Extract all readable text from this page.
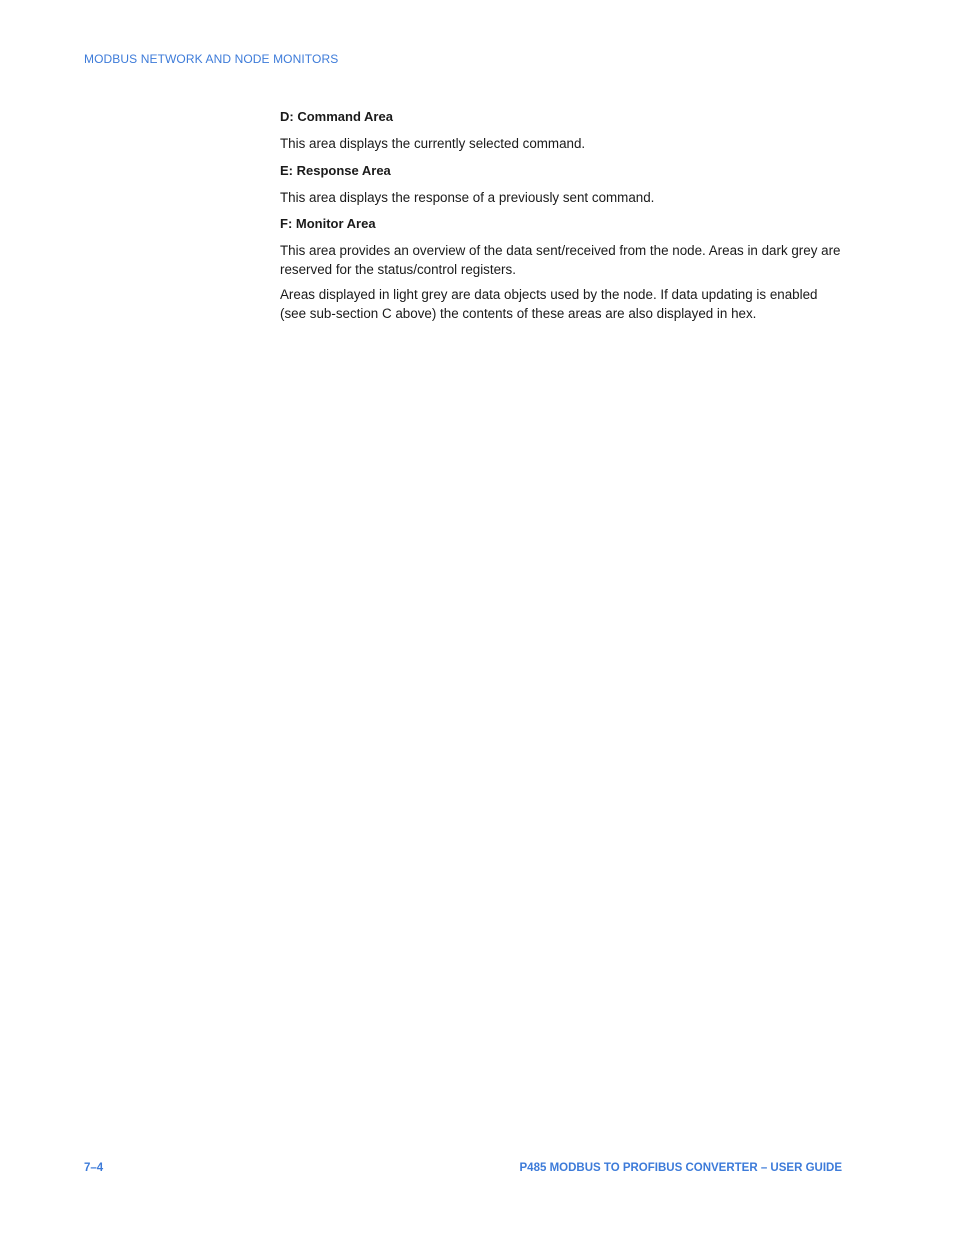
MODBUS NETWORK AND NODE MONITORS
D: Command Area

This area displays the currently selected command.

E: Response Area

This area displays the response of a previously sent command.

F: Monitor Area

This area provides an overview of the data sent/received from the node. Areas in dark grey are reserved for the status/control registers.

Areas displayed in light grey are data objects used by the node. If data updating is enabled (see sub-section C above) the contents of these areas are also displayed in hex.

7–4	P485 MODBUS TO PROFIBUS CONVERTER – USER GUIDE
